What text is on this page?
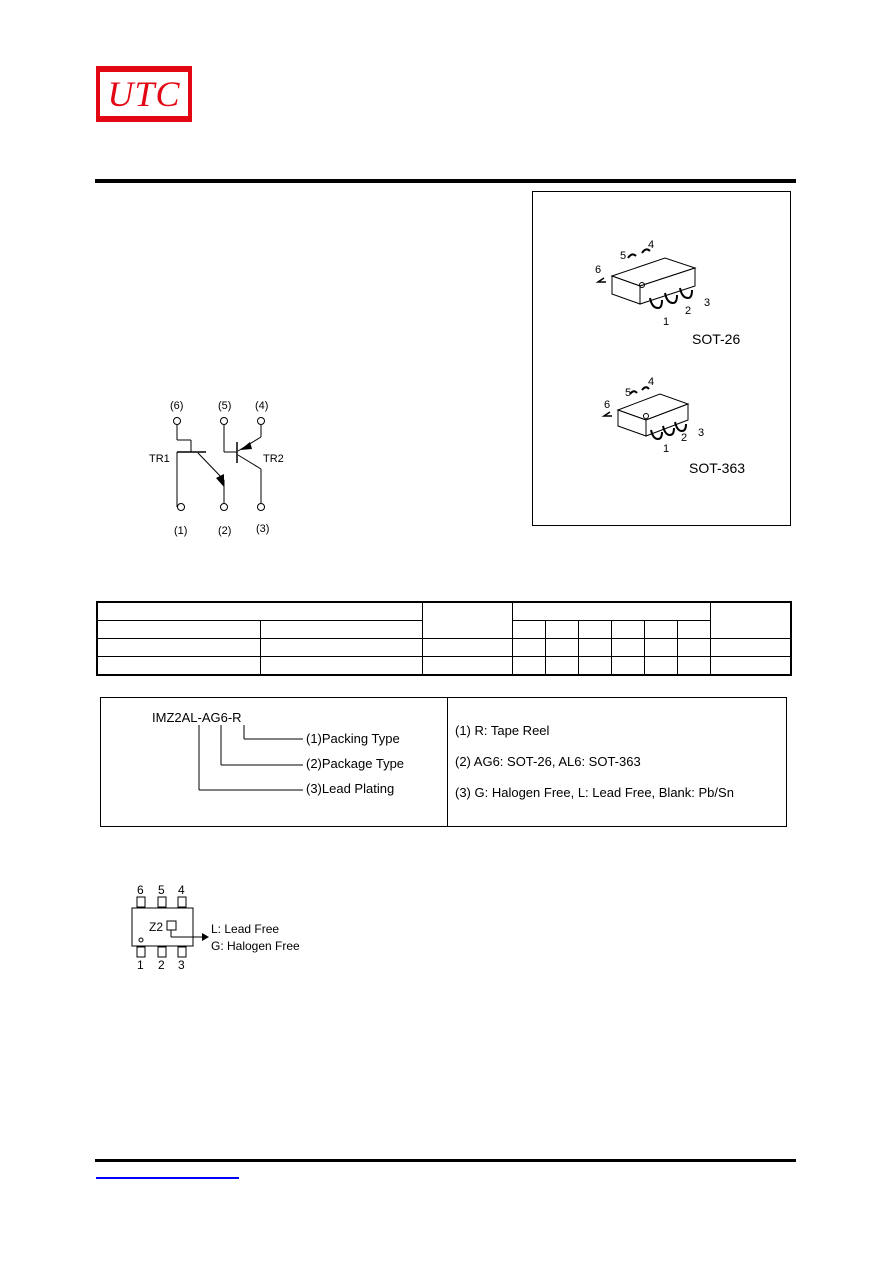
UTC
(6)	(5) (4)
TR1	TR2
(1)	(2) (3)
1
2
3
4
5
6
SOT-26
1
2 3
4
5
6
SOT-363

IMZ2AL-AG6-R
(1)Packing Type
(2)Package Type
(3)Lead Plating
(1) R: Tape Reel
(2) AG6: SOT-26, AL6: SOT-363
(3) G: Halogen Free, L: Lead Free, Blank: Pb/Sn
6 5 4
Z2
1 2 3
L: Lead Free
G: Halogen Free
